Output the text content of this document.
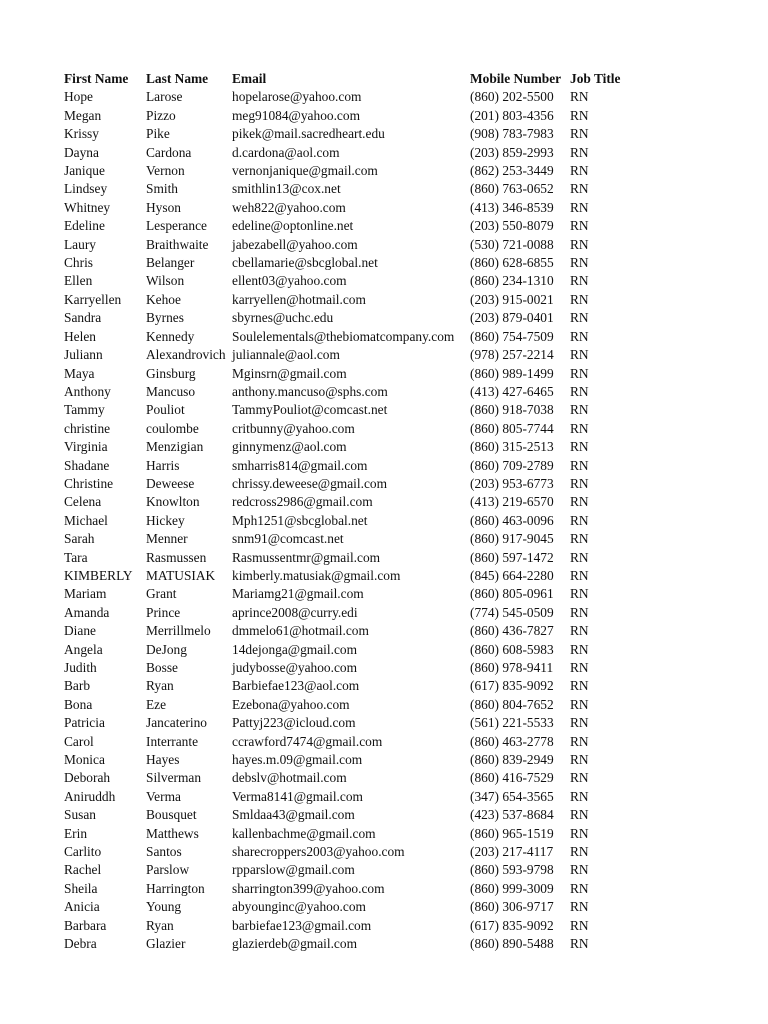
First Name	Last Name	Email	Mobile Number	Job Title
Hope	Larose	hopelarose@yahoo.com	(860) 202-5500	RN
Megan	Pizzo	meg91084@yahoo.com	(201) 803-4356	RN
Krissy	Pike	pikek@mail.sacredheart.edu	(908) 783-7983	RN
Dayna	Cardona	d.cardona@aol.com	(203) 859-2993	RN
Janique	Vernon	vernonjanique@gmail.com	(862) 253-3449	RN
Lindsey	Smith	smithlin13@cox.net	(860) 763-0652	RN
Whitney	Hyson	weh822@yahoo.com	(413) 346-8539	RN
Edeline	Lesperance	edeline@optonline.net	(203) 550-8079	RN
Laury	Braithwaite	jabezabell@yahoo.com	(530) 721-0088	RN
Chris	Belanger	cbellamarie@sbcglobal.net	(860) 628-6855	RN
Ellen	Wilson	ellent03@yahoo.com	(860) 234-1310	RN
Karryellen	Kehoe	karryellen@hotmail.com	(203) 915-0021	RN
Sandra	Byrnes	sbyrnes@uchc.edu	(203) 879-0401	RN
Helen	Kennedy	Soulelementals@thebiomatcompany.com	(860) 754-7509	RN
Juliann	Alexandrovich	juliannale@aol.com	(978) 257-2214	RN
Maya	Ginsburg	Mginsrn@gmail.com	(860) 989-1499	RN
Anthony	Mancuso	anthony.mancuso@sphs.com	(413) 427-6465	RN
Tammy	Pouliot	TammyPouliot@comcast.net	(860) 918-7038	RN
christine	coulombe	critbunny@yahoo.com	(860) 805-7744	RN
Virginia	Menzigian	ginnymenz@aol.com	(860) 315-2513	RN
Shadane	Harris	smharris814@gmail.com	(860) 709-2789	RN
Christine	Deweese	chrissy.deweese@gmail.com	(203) 953-6773	RN
Celena	Knowlton	redcross2986@gmail.com	(413) 219-6570	RN
Michael	Hickey	Mph1251@sbcglobal.net	(860) 463-0096	RN
Sarah	Menner	snm91@comcast.net	(860) 917-9045	RN
Tara	Rasmussen	Rasmussentmr@gmail.com	(860) 597-1472	RN
KIMBERLY	MATUSIAK	kimberly.matusiak@gmail.com	(845) 664-2280	RN
Mariam	Grant	Mariamg21@gmail.com	(860) 805-0961	RN
Amanda	Prince	aprince2008@curry.edi	(774) 545-0509	RN
Diane	Merrillmelo	dmmelo61@hotmail.com	(860) 436-7827	RN
Angela	DeJong	14dejonga@gmail.com	(860) 608-5983	RN
Judith	Bosse	judybosse@yahoo.com	(860) 978-9411	RN
Barb	Ryan	Barbiefae123@aol.com	(617) 835-9092	RN
Bona	Eze	Ezebona@yahoo.com	(860) 804-7652	RN
Patricia	Jancaterino	Pattyj223@icloud.com	(561) 221-5533	RN
Carol	Interrante	ccrawford7474@gmail.com	(860) 463-2778	RN
Monica	Hayes	hayes.m.09@gmail.com	(860) 839-2949	RN
Deborah	Silverman	debslv@hotmail.com	(860) 416-7529	RN
Aniruddh	Verma	Verma8141@gmail.com	(347) 654-3565	RN
Susan	Bousquet	Smldaa43@gmail.com	(423) 537-8684	RN
Erin	Matthews	kallenbachme@gmail.com	(860) 965-1519	RN
Carlito	Santos	sharecroppers2003@yahoo.com	(203) 217-4117	RN
Rachel	Parslow	rpparslow@gmail.com	(860) 593-9798	RN
Sheila	Harrington	sharrington399@yahoo.com	(860) 999-3009	RN
Anicia	Young	abyounginc@yahoo.com	(860) 306-9717	RN
Barbara	Ryan	barbiefae123@gmail.com	(617) 835-9092	RN
Debra	Glazier	glazierdeb@gmail.com	(860) 890-5488	RN
